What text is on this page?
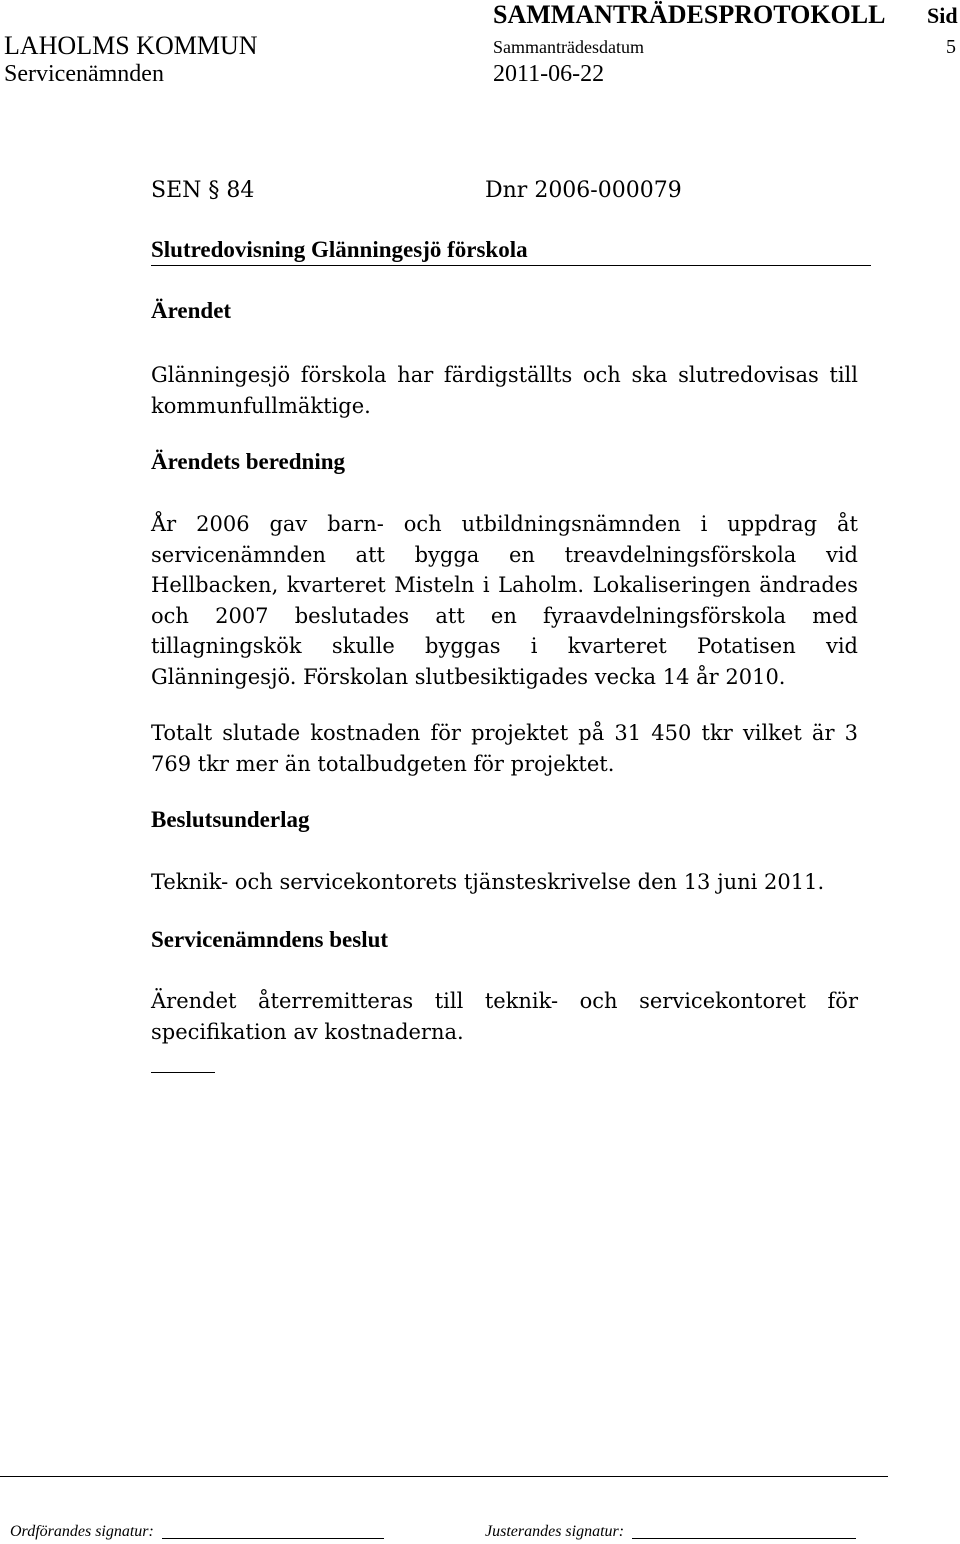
SAMMANTRÄDESPROTOKOLL Sid
LAHOLMS KOMMUN	Sammanträdesdatum	5
Servicenämnden	2011-06-22
SEN § 84	Dnr 2006-000079
Slutredovisning Glänningesjö förskola
Ärendet
Glänningesjö förskola har färdigställts och ska slutredovisas till kommunfullmäktige.
Ärendets beredning
År 2006 gav barn- och utbildningsnämnden i uppdrag åt servicenämnden att bygga en treavdelningsförskola vid Hellbacken, kvarteret Misteln i Laholm. Lokaliseringen ändrades och 2007 beslutades att en fyraavdelningsförskola med tillagningskök skulle byggas i kvarteret Potatisen vid Glänningesjö. Förskolan slutbesiktigades vecka 14 år 2010.
Totalt slutade kostnaden för projektet på 31 450 tkr vilket är 3 769 tkr mer än totalbudgeten för projektet.
Beslutsunderlag
Teknik- och servicekontorets tjänsteskrivelse den 13 juni 2011.
Servicenämndens beslut
Ärendet återremitteras till teknik- och servicekontoret för specifikation av kostnaderna.
Ordförandes signatur:	Justerandes signatur:
